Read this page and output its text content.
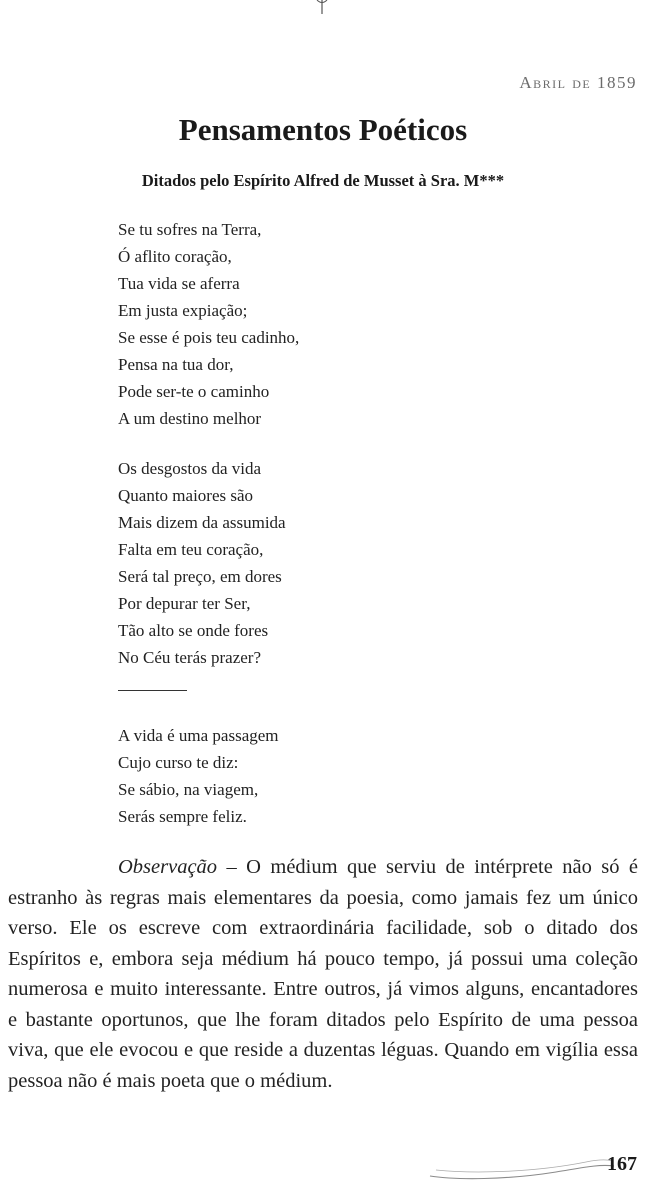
Abril de 1859
Pensamentos Poéticos
Ditados pelo Espírito Alfred de Musset à Sra. M***
Se tu sofres na Terra,
Ó aflito coração,
Tua vida se aferra
Em justa expiação;
Se esse é pois teu cadinho,
Pensa na tua dor,
Pode ser-te o caminho
A um destino melhor
Os desgostos da vida
Quanto maiores são
Mais dizem da assumida
Falta em teu coração,
Será tal preço, em dores
Por depurar ter Ser,
Tão alto se onde fores
No Céu terás prazer?
A vida é uma passagem
Cujo curso te diz:
Se sábio, na viagem,
Serás sempre feliz.

Observação – O médium que serviu de intérprete não só é estranho às regras mais elementares da poesia, como jamais fez um único verso. Ele os escreve com extraordinária facilidade, sob o ditado dos Espíritos e, embora seja médium há pouco tempo, já possui uma coleção numerosa e muito interessante. Entre outros, já vimos alguns, encantadores e bastante oportunos, que lhe foram ditados pelo Espírito de uma pessoa viva, que ele evocou e que reside a duzentas léguas. Quando em vigília essa pessoa não é mais poeta que o médium.

167
